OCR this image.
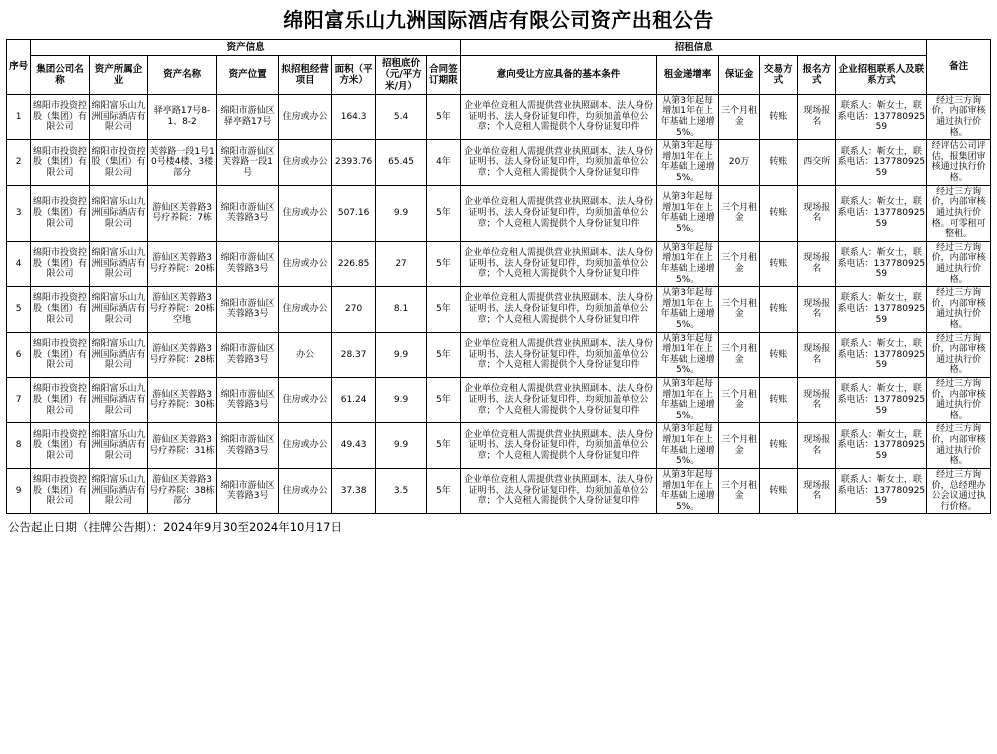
绵阳富乐山九洲国际酒店有限公司资产出租公告
序号	资产信息								招租信息						备注
	集团公司名称	资产所属企业	资产名称	资产位置	拟招租经营项目	面积（平方米）	招租底价（元/平方米/月）	合同签订期限	意向受让方应具备的基本条件	租金递增率	保证金	交易方式	报名方式	企业招租联系人及联系方式	
1	绵阳市投资控股（集团）有限公司	绵阳富乐山九洲国际酒店有限公司	驿亭路17号8-1、8-2	绵阳市游仙区驿亭路17号	住房或办公	164.3	5.4	5年	企业单位竞租人需提供营业执照副本、法人身份证明书、法人身份证复印件，均须加盖单位公章；个人竞租人需提供个人身份证复印件	从第3年起每增加1年在上年基础上递增5%。	三个月租金	转账	现场报名	联系人：靳女士，联系电话：13778092559	经过三方询价，内部审核通过执行价格。
2	绵阳市投资控股（集团）有限公司	绵阳市投资控股（集团）有限公司	芙蓉路一段1号10号楼4楼、3楼部分	绵阳市游仙区芙蓉路一段1号	住房或办公	2393.76	65.45	4年	企业单位竞租人需提供营业执照副本、法人身份证明书、法人身份证复印件，均须加盖单位公章；个人竞租人需提供个人身份证复印件	从第3年起每增加1年在上年基础上递增5%。	20万	转账	西交所	联系人：靳女士，联系电话：13778092559	经评估公司评估，报集团审核通过执行价格。
3	绵阳市投资控股（集团）有限公司	绵阳富乐山九洲国际酒店有限公司	游仙区芙蓉路3号疗养院：7栋	绵阳市游仙区芙蓉路3号	住房或办公	507.16	9.9	5年	企业单位竞租人需提供营业执照副本、法人身份证明书、法人身份证复印件，均须加盖单位公章；个人竞租人需提供个人身份证复印件	从第3年起每增加1年在上年基础上递增5%。	三个月租金	转账	现场报名	联系人：靳女士，联系电话：13778092559	经过三方询价，内部审核通过执行价格。可零租可整租。
4	绵阳市投资控股（集团）有限公司	绵阳富乐山九洲国际酒店有限公司	游仙区芙蓉路3号疗养院：20栋	绵阳市游仙区芙蓉路3号	住房或办公	226.85	27	5年	企业单位竞租人需提供营业执照副本、法人身份证明书、法人身份证复印件，均须加盖单位公章；个人竞租人需提供个人身份证复印件	从第3年起每增加1年在上年基础上递增5%。	三个月租金	转账	现场报名	联系人：靳女士，联系电话：13778092559	经过三方询价，内部审核通过执行价格。
5	绵阳市投资控股（集团）有限公司	绵阳富乐山九洲国际酒店有限公司	游仙区芙蓉路3号疗养院：20栋空地	绵阳市游仙区芙蓉路3号	住房或办公	270	8.1	5年	企业单位竞租人需提供营业执照副本、法人身份证明书、法人身份证复印件，均须加盖单位公章；个人竞租人需提供个人身份证复印件	从第3年起每增加1年在上年基础上递增5%。	三个月租金	转账	现场报名	联系人：靳女士，联系电话：13778092559	经过三方询价，内部审核通过执行价格。
6	绵阳市投资控股（集团）有限公司	绵阳富乐山九洲国际酒店有限公司	游仙区芙蓉路3号疗养院：28栋	绵阳市游仙区芙蓉路3号	办公	28.37	9.9	5年	企业单位竞租人需提供营业执照副本、法人身份证明书、法人身份证复印件，均须加盖单位公章；个人竞租人需提供个人身份证复印件	从第3年起每增加1年在上年基础上递增5%。	三个月租金	转账	现场报名	联系人：靳女士，联系电话：13778092559	经过三方询价，内部审核通过执行价格。
7	绵阳市投资控股（集团）有限公司	绵阳富乐山九洲国际酒店有限公司	游仙区芙蓉路3号疗养院：30栋	绵阳市游仙区芙蓉路3号	住房或办公	61.24	9.9	5年	企业单位竞租人需提供营业执照副本、法人身份证明书、法人身份证复印件，均须加盖单位公章；个人竞租人需提供个人身份证复印件	从第3年起每增加1年在上年基础上递增5%。	三个月租金	转账	现场报名	联系人：靳女士，联系电话：13778092559	经过三方询价，内部审核通过执行价格。
8	绵阳市投资控股（集团）有限公司	绵阳富乐山九洲国际酒店有限公司	游仙区芙蓉路3号疗养院：31栋	绵阳市游仙区芙蓉路3号	住房或办公	49.43	9.9	5年	企业单位竞租人需提供营业执照副本、法人身份证明书、法人身份证复印件，均须加盖单位公章；个人竞租人需提供个人身份证复印件	从第3年起每增加1年在上年基础上递增5%。	三个月租金	转账	现场报名	联系人：靳女士，联系电话：13778092559	经过三方询价，内部审核通过执行价格。
9	绵阳市投资控股（集团）有限公司	绵阳富乐山九洲国际酒店有限公司	游仙区芙蓉路3号疗养院：38栋部分	绵阳市游仙区芙蓉路3号	住房或办公	37.38	3.5	5年	企业单位竞租人需提供营业执照副本、法人身份证明书、法人身份证复印件，均须加盖单位公章；个人竞租人需提供个人身份证复印件	从第3年起每增加1年在上年基础上递增5%。	三个月租金	转账	现场报名	联系人：靳女士，联系电话：13778092559	经过三方询价，总经理办公会议通过执行价格。
公告起止日期（挂牌公告期）：2024年9月30至2024年10月17日
